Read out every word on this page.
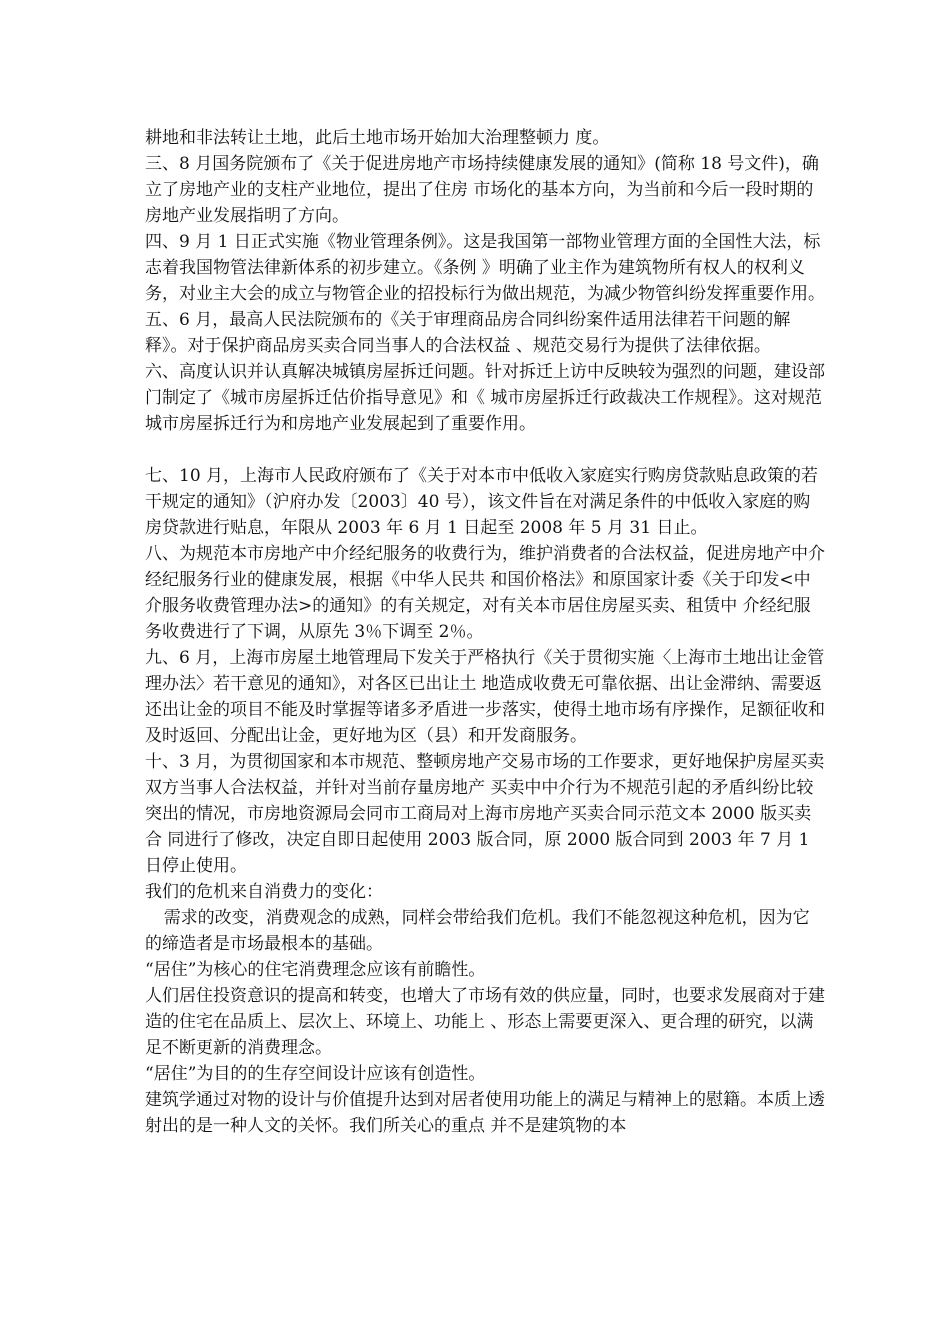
耕地和非法转让土地，此后土地市场开始加大治理整顿力 度。

三、8 月国务院颁布了《关于促进房地产市场持续健康发展的通知》(简称 18 号文件)，确立了房地产业的支柱产业地位，提出了住房 市场化的基本方向，为当前和今后一段时期的房地产业发展指明了方向。

四、9 月 1 日正式实施《物业管理条例》。这是我国第一部物业管理方面的全国性大法，标志着我国物管法律新体系的初步建立。《条例 》明确了业主作为建筑物所有权人的权利义务，对业主大会的成立与物管企业的招投标行为做出规范，为减少物管纠纷发挥重要作用。

五、6 月，最高人民法院颁布的《关于审理商品房合同纠纷案件适用法律若干问题的解释》。对于保护商品房买卖合同当事人的合法权益 、规范交易行为提供了法律依据。

六、高度认识并认真解决城镇房屋拆迁问题。针对拆迁上访中反映较为强烈的问题，建设部门制定了《城市房屋拆迁估价指导意见》和《 城市房屋拆迁行政裁决工作规程》。这对规范城市房屋拆迁行为和房地产业发展起到了重要作用。

七、10 月，上海市人民政府颁布了《关于对本市中低收入家庭实行购房贷款贴息政策的若干规定的通知》（沪府办发〔2003〕40 号），该文件旨在对满足条件的中低收入家庭的购房贷款进行贴息，年限从 2003 年 6 月 1 日起至 2008 年 5 月 31 日止。

八、为规范本市房地产中介经纪服务的收费行为，维护消费者的合法权益，促进房地产中介经纪服务行业的健康发展，根据《中华人民共 和国价格法》和原国家计委《关于印发<中介服务收费管理办法>的通知》的有关规定，对有关本市居住房屋买卖、租赁中 介经纪服务收费进行了下调，从原先 3％下调至 2％。

九、6 月，上海市房屋土地管理局下发关于严格执行《关于贯彻实施〈上海市土地出让金管理办法〉若干意见的通知》，对各区已出让土 地造成收费无可靠依据、出让金滞纳、需要返还出让金的项目不能及时掌握等诸多矛盾进一步落实，使得土地市场有序操作，足额征收和 及时返回、分配出让金，更好地为区（县）和开发商服务。

十、3 月，为贯彻国家和本市规范、整顿房地产交易市场的工作要求，更好地保护房屋买卖双方当事人合法权益，并针对当前存量房地产 买卖中中介行为不规范引起的矛盾纠纷比较突出的情况，市房地资源局会同市工商局对上海市房地产买卖合同示范文本 2000 版买卖合 同进行了修改，决定自即日起使用 2003 版合同，原 2000 版合同到 2003 年 7 月 1 日停止使用。

我们的危机来自消费力的变化：

需求的改变，消费观念的成熟，同样会带给我们危机。我们不能忽视这种危机，因为它的缔造者是市场最根本的基础。

“居住”为核心的住宅消费理念应该有前瞻性。

人们居住投资意识的提高和转变，也增大了市场有效的供应量，同时，也要求发展商对于建造的住宅在品质上、层次上、环境上、功能上 、形态上需要更深入、更合理的研究，以满足不断更新的消费理念。

“居住”为目的的生存空间设计应该有创造性。

建筑学通过对物的设计与价值提升达到对居者使用功能上的满足与精神上的慰籍。本质上透射出的是一种人文的关怀。我们所关心的重点 并不是建筑物的本
